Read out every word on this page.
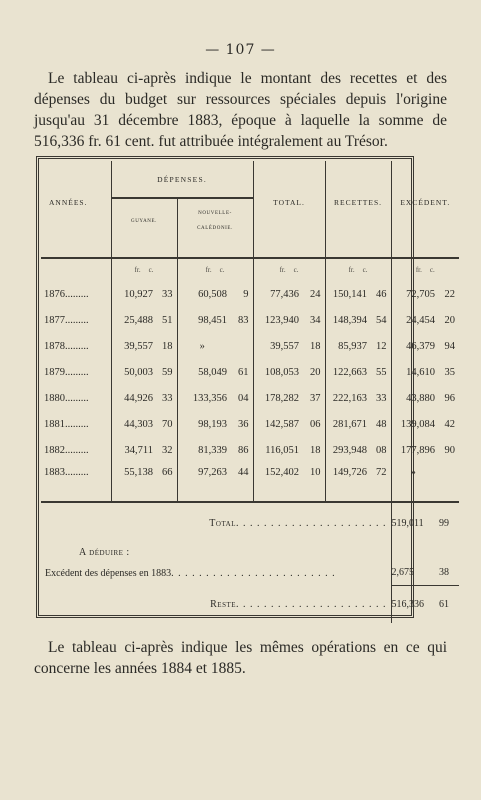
— 107 —
Le tableau ci-après indique le montant des recettes et des dépenses du budget sur ressources spéciales depuis l'origine jusqu'au 31 décembre 1883, époque à laquelle la somme de 516,336 fr. 61 cent. fut attribuée intégralement au Trésor.
ANNÉES.	DÉPENSES.				TOTAL.		RECETTES.		EXCÉDENT.	
	GUYANE.		NOUVELLE-
CALÉDONIE.							

	fr. c.		fr. c.		fr. c.		fr. c.		fr. c.	
1876.........	10,927	33	60,508	9	77,436	24	150,141	46	72,705	22
1877.........	25,488	51	98,451	83	123,940	34	148,394	54	24,454	20
1878.........	39,557	18	»		39,557	18	85,937	12	46,379	94
1879.........	50,003	59	58,049	61	108,053	20	122,663	55	14,610	35
1880.........	44,926	33	133,356	04	178,282	37	222,163	33	43,880	96
1881.........	44,303	70	98,193	36	142,587	06	281,671	48	139,084	42
1882.........	34,711	32	81,339	86	116,051	18	293,948	08	177,896	90
1883.........	55,138	66	97,263	44	152,402	10	149,726	72	»	
Total. . . . . . . . . . . . . . . . . . . . . .									519,011	99
A déduire :										
Excédent des dépenses en 1883. . . . . . . . . . . . . . . . . . . . . . . .									2,675	38
Reste. . . . . . . . . . . . . . . . . . . . . .									516,336	61
Le tableau ci-après indique les mêmes opérations en ce qui concerne les années 1884 et 1885.
